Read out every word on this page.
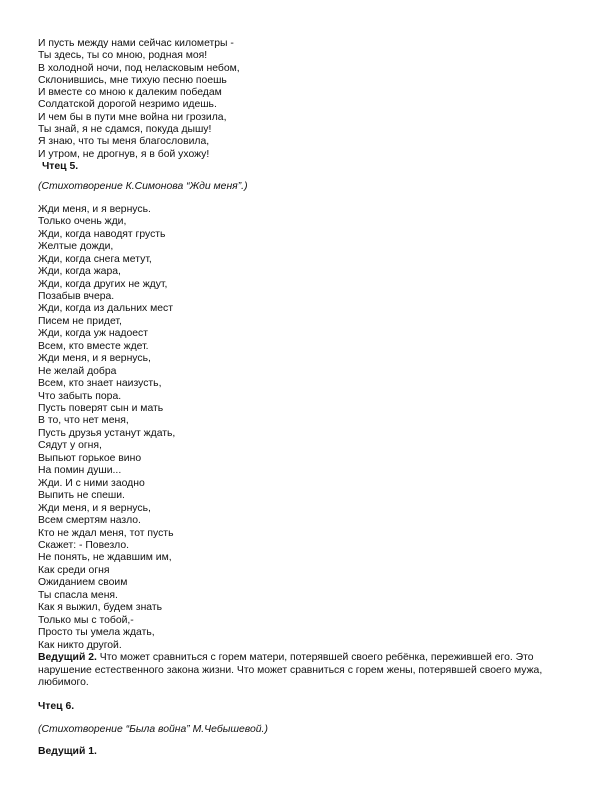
И пусть между нами сейчас километры -
Ты здесь, ты со мною, родная моя!
В холодной ночи, под неласковым небом,
Склонившись, мне тихую песню поешь
И вместе со мною к далеким победам
Солдатской дорогой незримо идешь.
И чем бы в пути мне война ни грозила,
Ты знай, я не сдамся, покуда дышу!
Я знаю, что ты меня благословила,
И утром, не дрогнув, я в бой ухожу!
Чтец 5.
(Стихотворение К.Симонова “Жди меня”.)
Жди меня, и я вернусь.
Только очень жди,
Жди, когда наводят грусть
Желтые дожди,
Жди, когда снега метут,
Жди, когда жара,
Жди, когда других не ждут,
Позабыв вчера.
Жди, когда из дальних мест
Писем не придет,
Жди, когда уж надоест
Всем, кто вместе ждет.
Жди меня, и я вернусь,
Не желай добра
Всем, кто знает наизусть,
Что забыть пора.
Пусть поверят сын и мать
В то, что нет меня,
Пусть друзья устанут ждать,
Сядут у огня,
Выпьют горькое вино
На помин души...
Жди. И с ними заодно
Выпить не спеши.
Жди меня, и я вернусь,
Всем смертям назло.
Кто не ждал меня, тот пусть
Скажет: - Повезло.
Не понять, не ждавшим им,
Как среди огня
Ожиданием своим
Ты спасла меня.
Как я выжил, будем знать
Только мы с тобой,-
Просто ты умела ждать,
Как никто другой.

Ведущий 2. Что может сравниться с горем матери, потерявшей своего ребёнка, пережившей его. Это нарушение естественного закона жизни. Что может сравниться с горем жены, потерявшей своего мужа, любимого.

Чтец 6.
(Стихотворение “Была война” М.Чебышевой.)
Ведущий 1.
